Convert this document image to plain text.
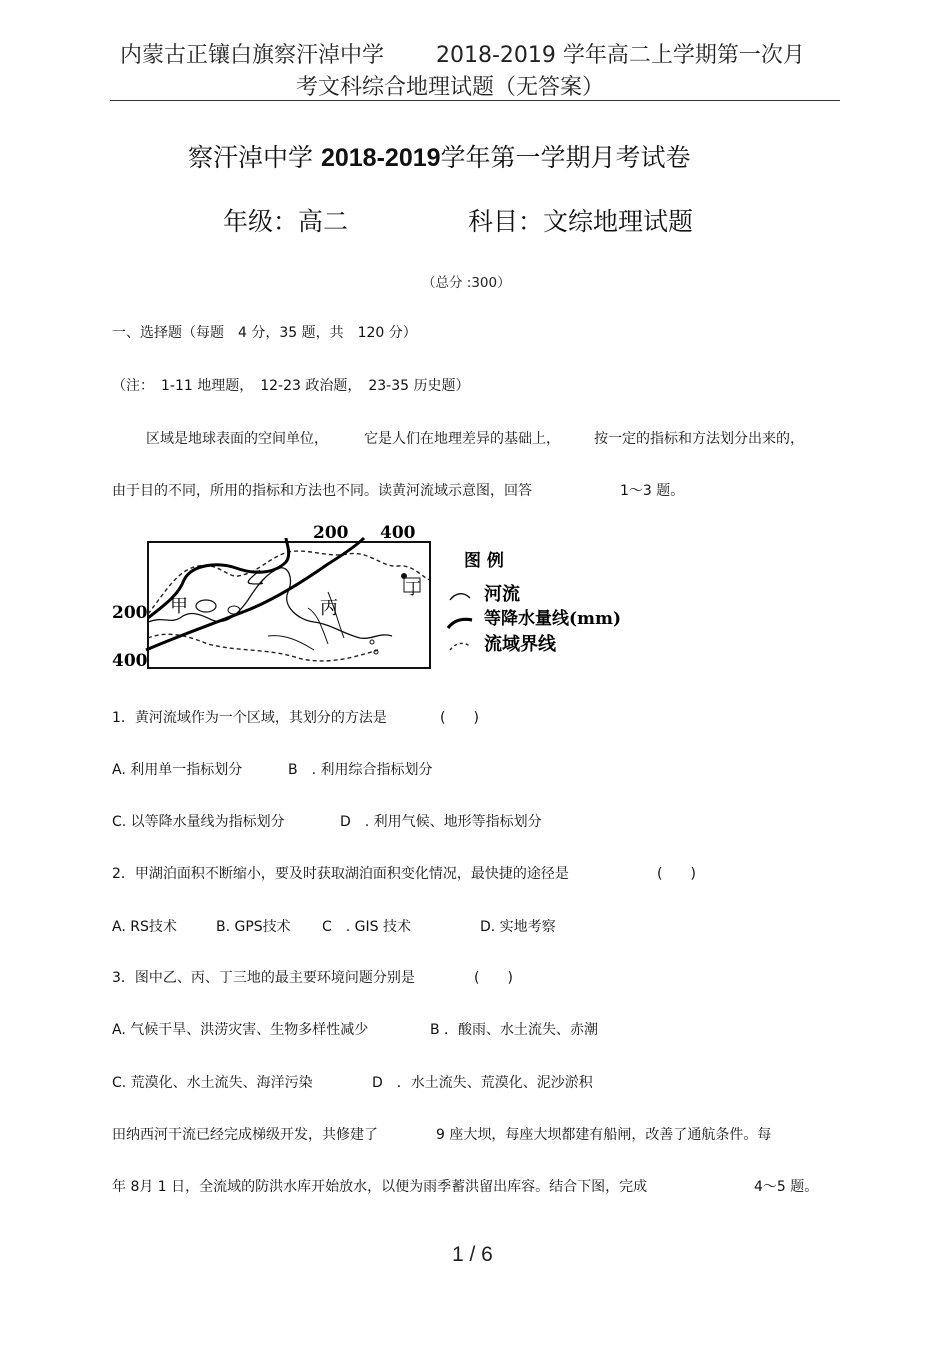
内蒙古正镶白旗察汗淖中学 2018-2019 学年高二上学期第一次月
考文科综合地理试题（无答案）
察汗淖中学 2018-2019学年第一学期月考试卷
年级：高二	科目：文综地理试题
（总分 :300）
一、选择题（每题　4 分，35 题，共　120 分）
（注：　1-11 地理题，　12-23 政治题，　23-35 历史题）
区域是地球表面的空间单位，	它是人们在地理差异的基础上， 按一定的指标和方法划分出来的，
由于目的不同，所用的指标和方法也不同。读黄河流域示意图，回答	1～3 题。
200 400
200
400
甲
乙
丙
丁
图 例
河流
等降水量线(mm)
流域界线
1．黄河流域作为一个区域，其划分的方法是	(　　)
A. 利用单一指标划分	B　. 利用综合指标划分
C. 以等降水量线为指标划分	D　. 利用气候、地形等指标划分
2．甲湖泊面积不断缩小，要及时获取湖泊面积变化情况，最快捷的途径是	(　　)
A. RS技术	B. GPS技术 C　. GIS 技术	D. 实地考察
3．图中乙、丙、丁三地的最主要环境问题分别是	(　　)
A. 气候干旱、洪涝灾害、生物多样性减少	B ．酸雨、水土流失、赤潮
C. 荒漠化、水土流失、海洋污染	D　．水土流失、荒漠化、泥沙淤积
田纳西河干流已经完成梯级开发，共修建了	9 座大坝，每座大坝都建有船闸，改善了通航条件。每
年 8月 1 日，全流域的防洪水库开始放水，以便为雨季蓄洪留出库容。结合下图，完成	4～5 题。
1 / 6
